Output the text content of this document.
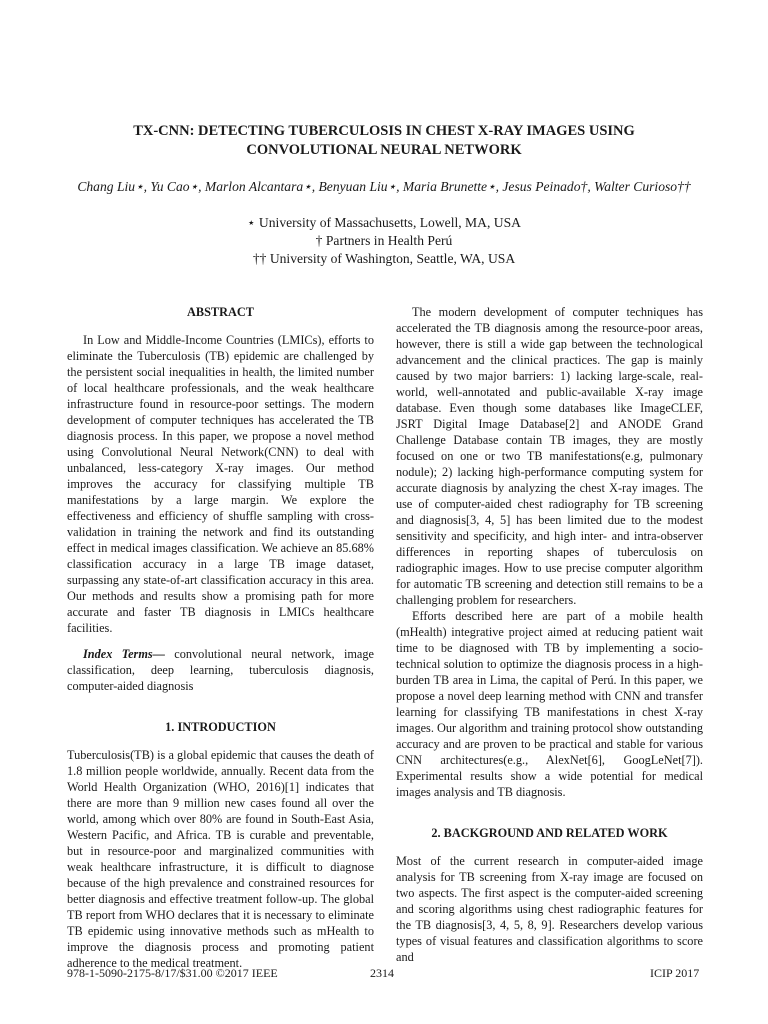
TX-CNN: DETECTING TUBERCULOSIS IN CHEST X-RAY IMAGES USING
CONVOLUTIONAL NEURAL NETWORK
Chang Liu⋆, Yu Cao⋆, Marlon Alcantara⋆, Benyuan Liu⋆, Maria Brunette⋆, Jesus Peinado†, Walter Curioso††
⋆ University of Massachusetts, Lowell, MA, USA
† Partners in Health Perú
†† University of Washington, Seattle, WA, USA
ABSTRACT

In Low and Middle-Income Countries (LMICs), efforts to eliminate the Tuberculosis (TB) epidemic are challenged by the persistent social inequalities in health, the limited number of local healthcare professionals, and the weak healthcare infrastructure found in resource-poor settings. The modern development of computer techniques has accelerated the TB diagnosis process. In this paper, we propose a novel method using Convolutional Neural Network(CNN) to deal with unbalanced, less-category X-ray images. Our method improves the accuracy for classifying multiple TB manifestations by a large margin. We explore the effectiveness and efficiency of shuffle sampling with cross-validation in training the network and find its outstanding effect in medical images classification. We achieve an 85.68% classification accuracy in a large TB image dataset, surpassing any state-of-art classification accuracy in this area. Our methods and results show a promising path for more accurate and faster TB diagnosis in LMICs healthcare facilities.

Index Terms— convolutional neural network, image classification, deep learning, tuberculosis diagnosis, computer-aided diagnosis

1. INTRODUCTION

Tuberculosis(TB) is a global epidemic that causes the death of 1.8 million people worldwide, annually. Recent data from the World Health Organization (WHO, 2016)[1] indicates that there are more than 9 million new cases found all over the world, among which over 80% are found in South-East Asia, Western Pacific, and Africa. TB is curable and preventable, but in resource-poor and marginalized communities with weak healthcare infrastructure, it is difficult to diagnose because of the high prevalence and constrained resources for better diagnosis and effective treatment follow-up. The global TB report from WHO declares that it is necessary to eliminate TB epidemic using innovative methods such as mHealth to improve the diagnosis process and promoting patient adherence to the medical treatment.

The modern development of computer techniques has accelerated the TB diagnosis among the resource-poor areas, however, there is still a wide gap between the technological advancement and the clinical practices. The gap is mainly caused by two major barriers: 1) lacking large-scale, real-world, well-annotated and public-available X-ray image database. Even though some databases like ImageCLEF, JSRT Digital Image Database[2] and ANODE Grand Challenge Database contain TB images, they are mostly focused on one or two TB manifestations(e.g, pulmonary nodule); 2) lacking high-performance computing system for accurate diagnosis by analyzing the chest X-ray images. The use of computer-aided chest radiography for TB screening and diagnosis[3, 4, 5] has been limited due to the modest sensitivity and specificity, and high inter- and intra-observer differences in reporting shapes of tuberculosis on radiographic images. How to use precise computer algorithm for automatic TB screening and detection still remains to be a challenging problem for researchers.

Efforts described here are part of a mobile health (mHealth) integrative project aimed at reducing patient wait time to be diagnosed with TB by implementing a socio-technical solution to optimize the diagnosis process in a high-burden TB area in Lima, the capital of Perú. In this paper, we propose a novel deep learning method with CNN and transfer learning for classifying TB manifestations in chest X-ray images. Our algorithm and training protocol show outstanding accuracy and are proven to be practical and stable for various CNN architectures(e.g., AlexNet[6], GoogLeNet[7]). Experimental results show a wide potential for medical images analysis and TB diagnosis.

2. BACKGROUND AND RELATED WORK

Most of the current research in computer-aided image analysis for TB screening from X-ray image are focused on two aspects. The first aspect is the computer-aided screening and scoring algorithms using chest radiographic features for the TB diagnosis[3, 4, 5, 8, 9]. Researchers develop various types of visual features and classification algorithms to score and

978-1-5090-2175-8/17/$31.00 ©2017 IEEE	2314	ICIP 2017
